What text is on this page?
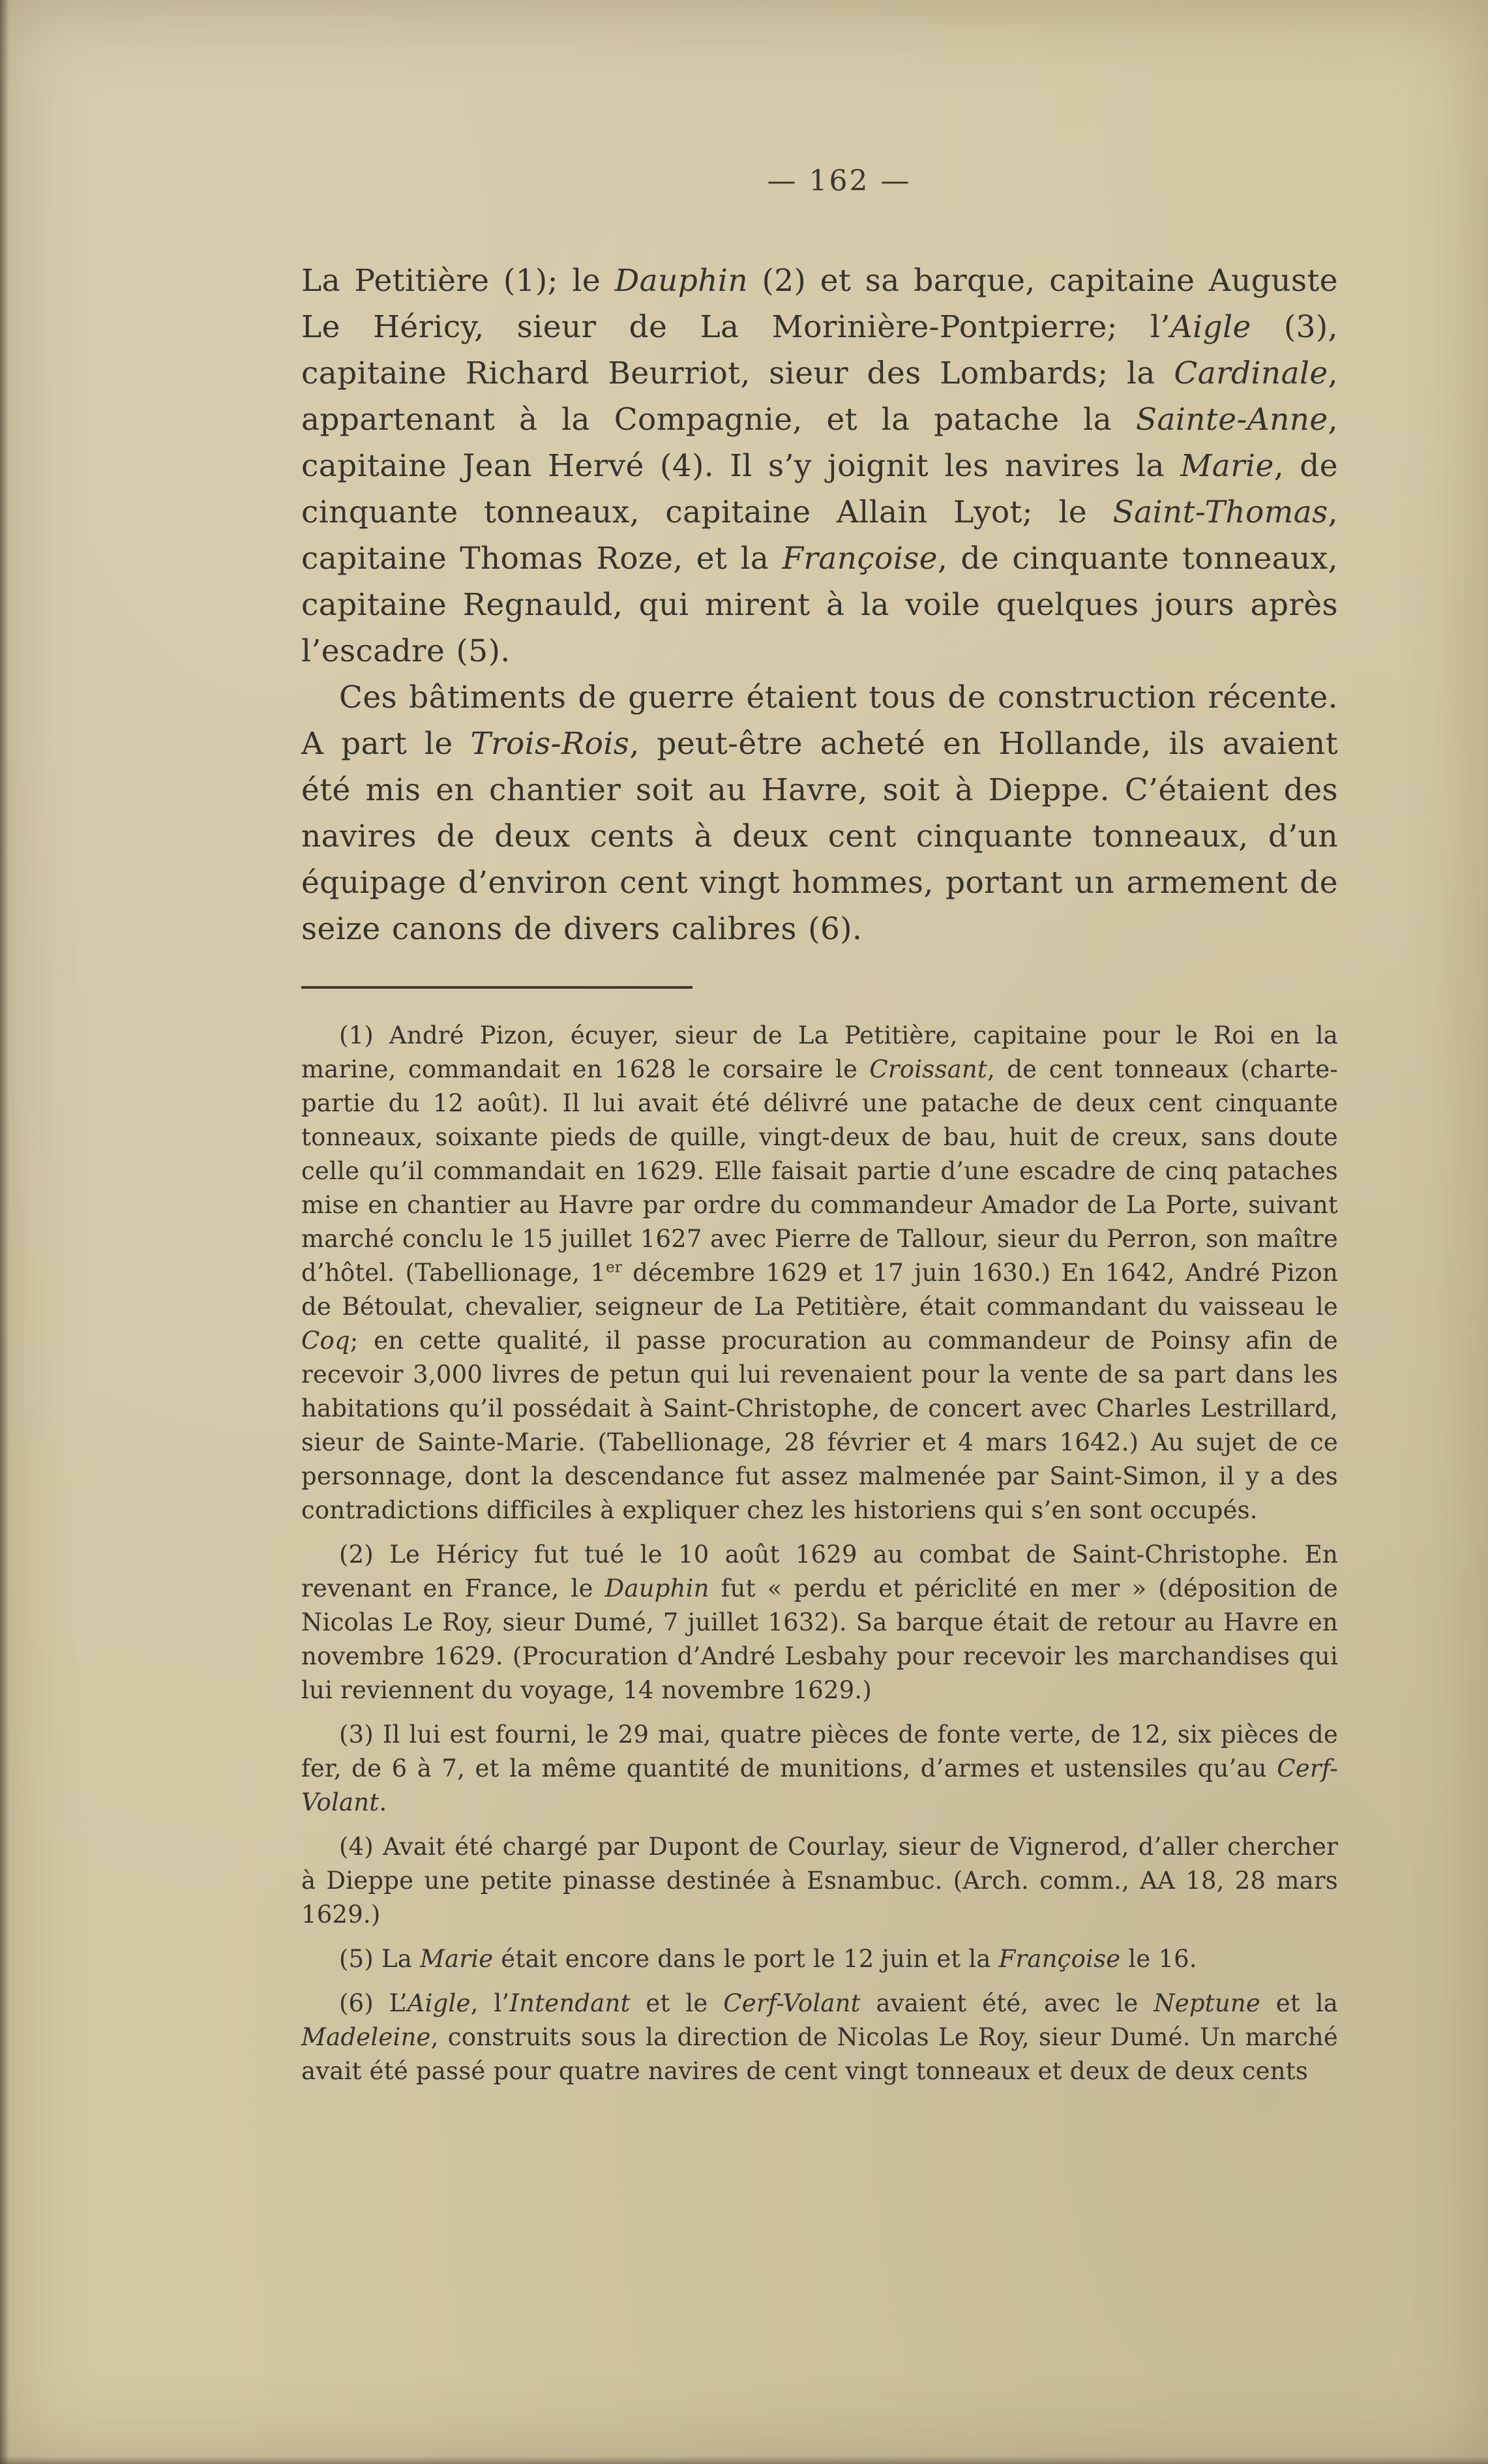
— 162 —

La Petitière (1); le Dauphin (2) et sa barque, capitaine Auguste Le Héricy, sieur de La Morinière-Pontpierre; l’Aigle (3), capitaine Richard Beurriot, sieur des Lombards; la Cardinale, appartenant à la Compagnie, et la patache la Sainte-Anne, capitaine Jean Hervé (4). Il s’y joignit les navires la Marie, de cinquante tonneaux, capitaine Allain Lyot; le Saint-Thomas, capitaine Thomas Roze, et la Françoise, de cinquante tonneaux, capitaine Regnauld, qui mirent à la voile quelques jours après l’escadre (5).

Ces bâtiments de guerre étaient tous de construction récente. A part le Trois-Rois, peut-être acheté en Hollande, ils avaient été mis en chantier soit au Havre, soit à Dieppe. C’étaient des navires de deux cents à deux cent cinquante tonneaux, d’un équipage d’environ cent vingt hommes, portant un armement de seize canons de divers calibres (6).

(1) André Pizon, écuyer, sieur de La Petitière, capitaine pour le Roi en la marine, commandait en 1628 le corsaire le Croissant, de cent tonneaux (charte-partie du 12 août). Il lui avait été délivré une patache de deux cent cinquante tonneaux, soixante pieds de quille, vingt-deux de bau, huit de creux, sans doute celle qu’il commandait en 1629. Elle faisait partie d’une escadre de cinq pataches mise en chantier au Havre par ordre du commandeur Amador de La Porte, suivant marché conclu le 15 juillet 1627 avec Pierre de Tallour, sieur du Perron, son maître d’hôtel. (Tabellionage, 1er décembre 1629 et 17 juin 1630.) En 1642, André Pizon de Bétoulat, chevalier, seigneur de La Petitière, était commandant du vaisseau le Coq; en cette qualité, il passe procuration au commandeur de Poinsy afin de recevoir 3,000 livres de petun qui lui revenaient pour la vente de sa part dans les habitations qu’il possédait à Saint-Christophe, de concert avec Charles Lestrillard, sieur de Sainte-Marie. (Tabellionage, 28 février et 4 mars 1642.) Au sujet de ce personnage, dont la descendance fut assez malmenée par Saint-Simon, il y a des contradictions difficiles à expliquer chez les historiens qui s’en sont occupés.

(2) Le Héricy fut tué le 10 août 1629 au combat de Saint-Christophe. En revenant en France, le Dauphin fut « perdu et périclité en mer » (déposition de Nicolas Le Roy, sieur Dumé, 7 juillet 1632). Sa barque était de retour au Havre en novembre 1629. (Procuration d’André Lesbahy pour recevoir les marchandises qui lui reviennent du voyage, 14 novembre 1629.)

(3) Il lui est fourni, le 29 mai, quatre pièces de fonte verte, de 12, six pièces de fer, de 6 à 7, et la même quantité de munitions, d’armes et ustensiles qu’au Cerf-Volant.

(4) Avait été chargé par Dupont de Courlay, sieur de Vignerod, d’aller chercher à Dieppe une petite pinasse destinée à Esnambuc. (Arch. comm., AA 18, 28 mars 1629.)

(5) La Marie était encore dans le port le 12 juin et la Françoise le 16.

(6) L’Aigle, l’Intendant et le Cerf-Volant avaient été, avec le Neptune et la Madeleine, construits sous la direction de Nicolas Le Roy, sieur Dumé. Un marché avait été passé pour quatre navires de cent vingt tonneaux et deux de deux cents
